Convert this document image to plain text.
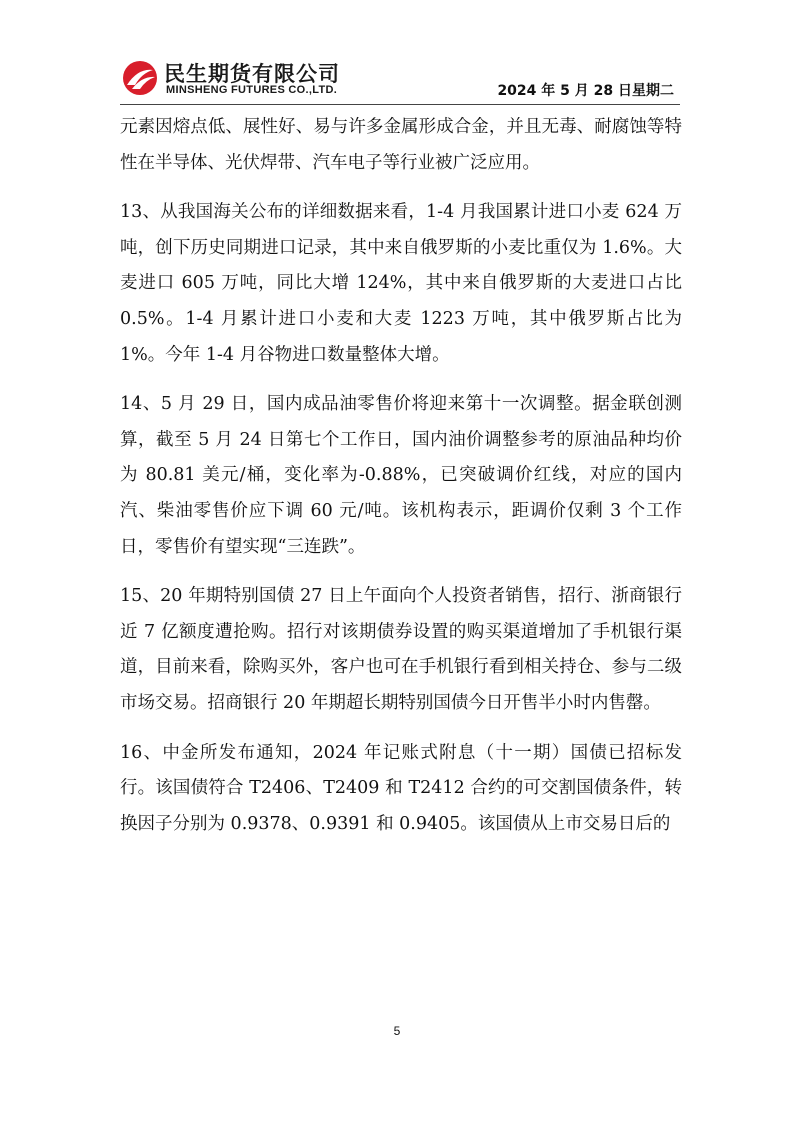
民生期货有限公司
MINSHENG FUTURES CO.,LTD.	2024 年 5 月 28 日星期二

元素因熔点低、展性好、易与许多金属形成合金，并且无毒、耐腐蚀等特性在半导体、光伏焊带、汽车电子等行业被广泛应用。

13、从我国海关公布的详细数据来看，1-4 月我国累计进口小麦 624 万吨，创下历史同期进口记录，其中来自俄罗斯的小麦比重仅为 1.6%。大麦进口 605 万吨，同比大增 124%，其中来自俄罗斯的大麦进口占比 0.5%。1-4 月累计进口小麦和大麦 1223 万吨，其中俄罗斯占比为 1%。今年 1-4 月谷物进口数量整体大增。

14、5 月 29 日，国内成品油零售价将迎来第十一次调整。据金联创测算，截至 5 月 24 日第七个工作日，国内油价调整参考的原油品种均价为 80.81 美元/桶，变化率为-0.88%，已突破调价红线，对应的国内汽、柴油零售价应下调 60 元/吨。该机构表示，距调价仅剩 3 个工作日，零售价有望实现“三连跌”。

15、20 年期特别国债 27 日上午面向个人投资者销售，招行、浙商银行近 7 亿额度遭抢购。招行对该期债券设置的购买渠道增加了手机银行渠道，目前来看，除购买外，客户也可在手机银行看到相关持仓、参与二级市场交易。招商银行 20 年期超长期特别国债今日开售半小时内售罄。

16、中金所发布通知，2024 年记账式附息（十一期）国债已招标发行。该国债符合 T2406、T2409 和 T2412 合约的可交割国债条件，转换因子分别为 0.9378、0.9391 和 0.9405。该国债从上市交易日后的

5
